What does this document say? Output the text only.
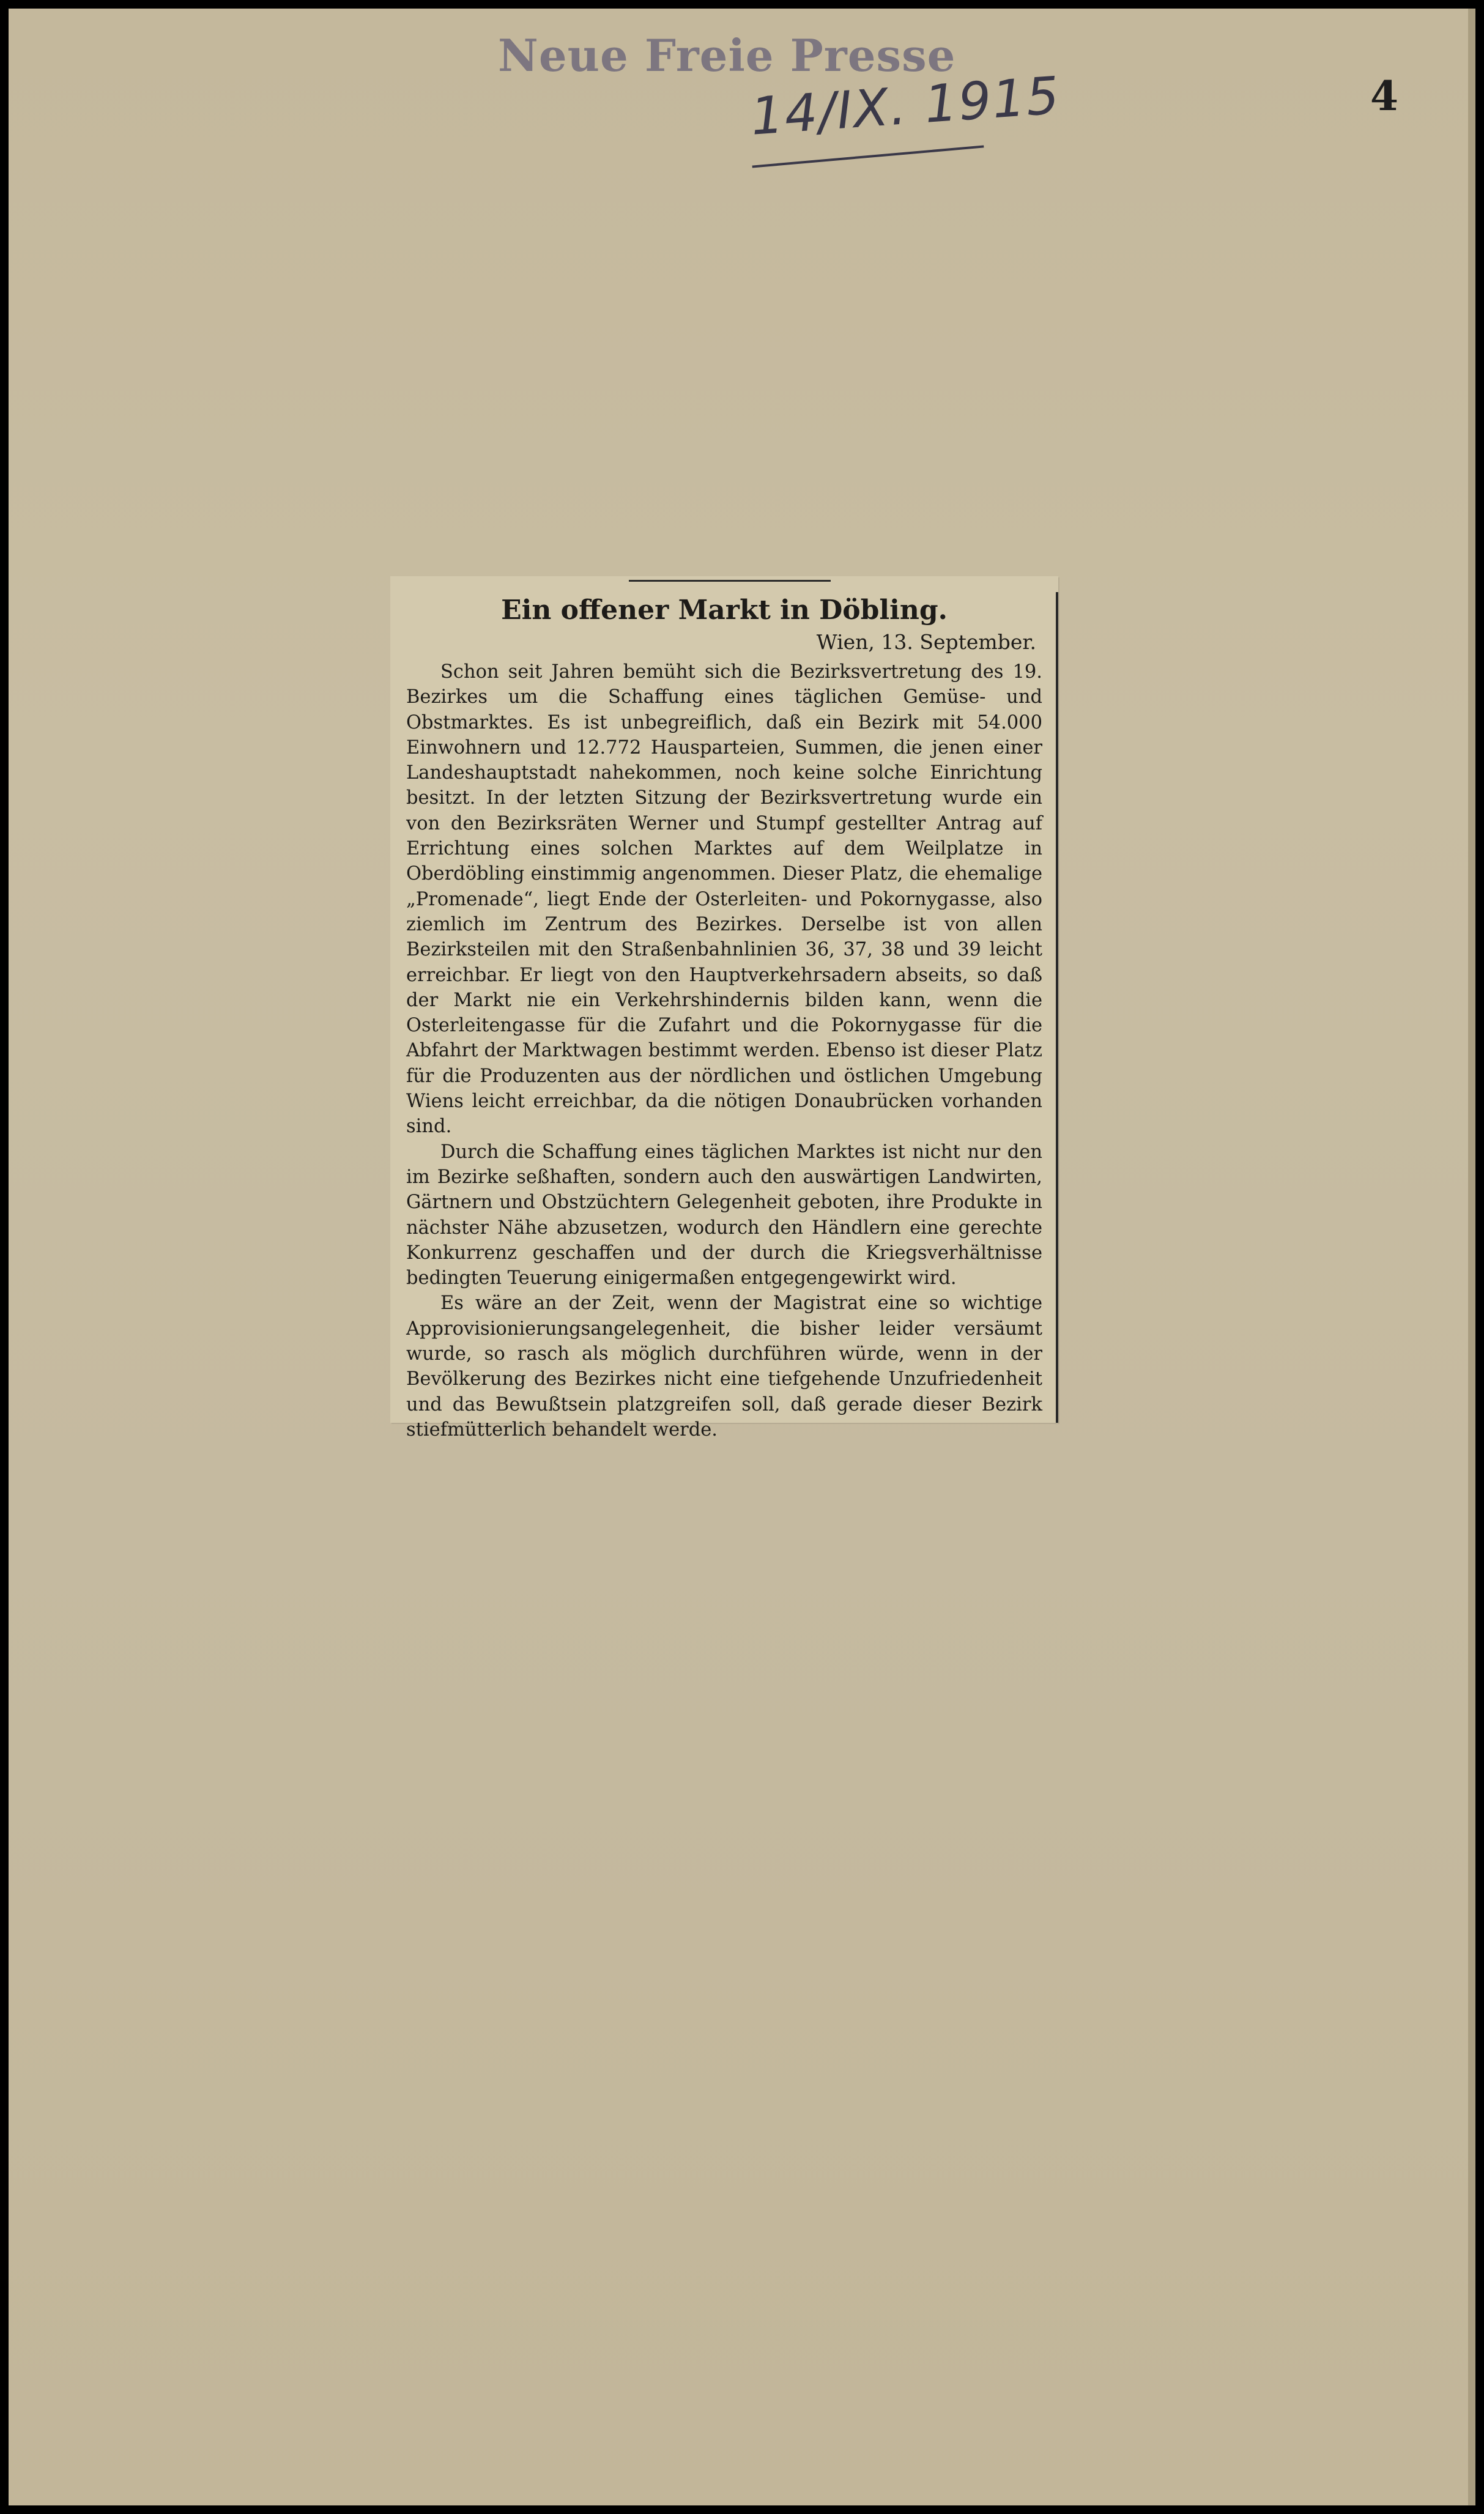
Neue Freie Presse
14/IX. 1915	4

Ein offener Markt in Döbling.

Wien, 13. September.

Schon seit Jahren bemüht sich die Bezirksvertretung des 19. Bezirkes um die Schaffung eines täglichen Gemüse- und Obstmarktes. Es ist unbegreiflich, daß ein Bezirk mit 54.000 Einwohnern und 12.772 Hausparteien, Summen, die jenen einer Landeshauptstadt nahekommen, noch keine solche Einrichtung besitzt. In der letzten Sitzung der Bezirksvertretung wurde ein von den Bezirksräten Werner und Stumpf gestellter Antrag auf Errichtung eines solchen Marktes auf dem Weilplatze in Oberdöbling einstimmig angenommen. Dieser Platz, die ehemalige „Promenade“, liegt Ende der Osterleiten- und Pokornygasse, also ziemlich im Zentrum des Bezirkes. Derselbe ist von allen Bezirksteilen mit den Straßenbahnlinien 36, 37, 38 und 39 leicht erreichbar. Er liegt von den Hauptverkehrsadern abseits, so daß der Markt nie ein Verkehrshindernis bilden kann, wenn die Osterleitengasse für die Zufahrt und die Pokornygasse für die Abfahrt der Marktwagen bestimmt werden. Ebenso ist dieser Platz für die Produzenten aus der nördlichen und östlichen Umgebung Wiens leicht erreichbar, da die nötigen Donaubrücken vorhanden sind.

Durch die Schaffung eines täglichen Marktes ist nicht nur den im Bezirke seßhaften, sondern auch den auswärtigen Landwirten, Gärtnern und Obstzüchtern Gelegenheit geboten, ihre Produkte in nächster Nähe abzusetzen, wodurch den Händlern eine gerechte Konkurrenz geschaffen und der durch die Kriegsverhältnisse bedingten Teuerung einigermaßen entgegengewirkt wird.

Es wäre an der Zeit, wenn der Magistrat eine so wichtige Approvisionierungsangelegenheit, die bisher leider versäumt wurde, so rasch als möglich durchführen würde, wenn in der Bevölkerung des Bezirkes nicht eine tiefgehende Unzufriedenheit und das Bewußtsein platzgreifen soll, daß gerade dieser Bezirk stiefmütterlich behandelt werde.
